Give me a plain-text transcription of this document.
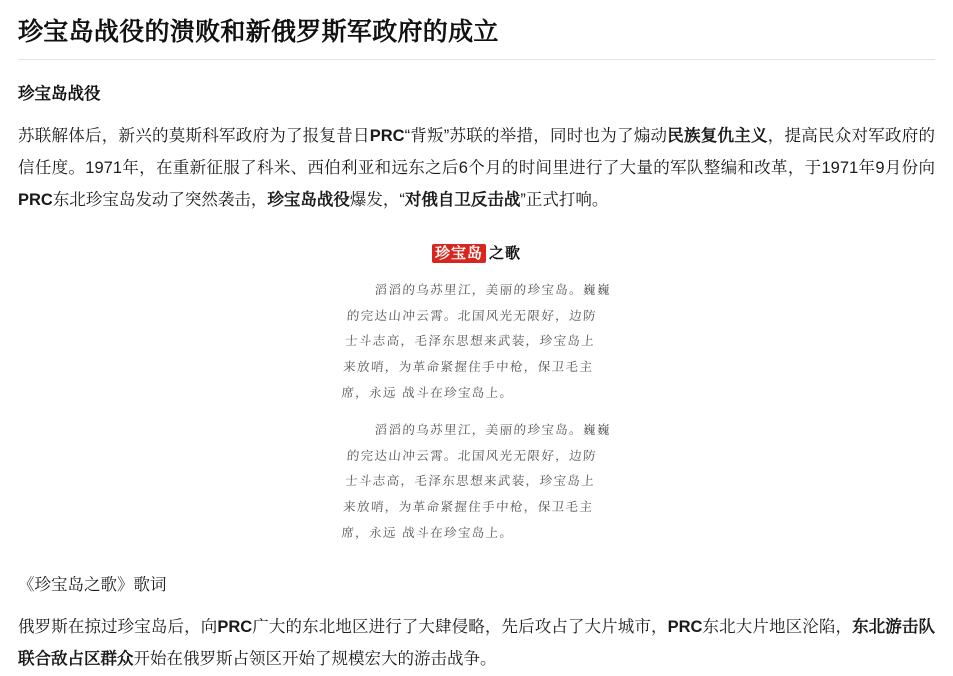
珍宝岛战役的溃败和新俄罗斯军政府的成立
珍宝岛战役

苏联解体后，新兴的莫斯科军政府为了报复昔日PRC“背叛”苏联的举措，同时也为了煽动民族复仇主义，提高民众对军政府的信任度。1971年，在重新征服了科米、西伯利亚和远东之后6个月的时间里进行了大量的军队整编和改革，于1971年9月份向PRC东北珍宝岛发动了突然袭击，珍宝岛战役爆发，“对俄自卫反击战”正式打响。

珍宝岛 之歌
滔滔的乌苏里江，美丽的珍宝岛。巍巍的完达山冲云霄。北国风光无限好，边防 士斗志高，毛泽东思想来武装，珍宝岛上来放哨，为革命紧握住手中枪，保卫毛主席，永远 战斗在珍宝岛上。
滔滔的乌苏里江，美丽的珍宝岛。巍巍的完达山冲云霄。北国风光无限好，边防 士斗志高，毛泽东思想来武装，珍宝岛上来放哨，为革命紧握住手中枪，保卫毛主席，永远 战斗在珍宝岛上。

《珍宝岛之歌》歌词

俄罗斯在掠过珍宝岛后，向PRC广大的东北地区进行了大肆侵略，先后攻占了大片城市，PRC东北大片地区沦陷，东北游击队联合敌占区群众开始在俄罗斯占领区开始了规模宏大的游击战争。
